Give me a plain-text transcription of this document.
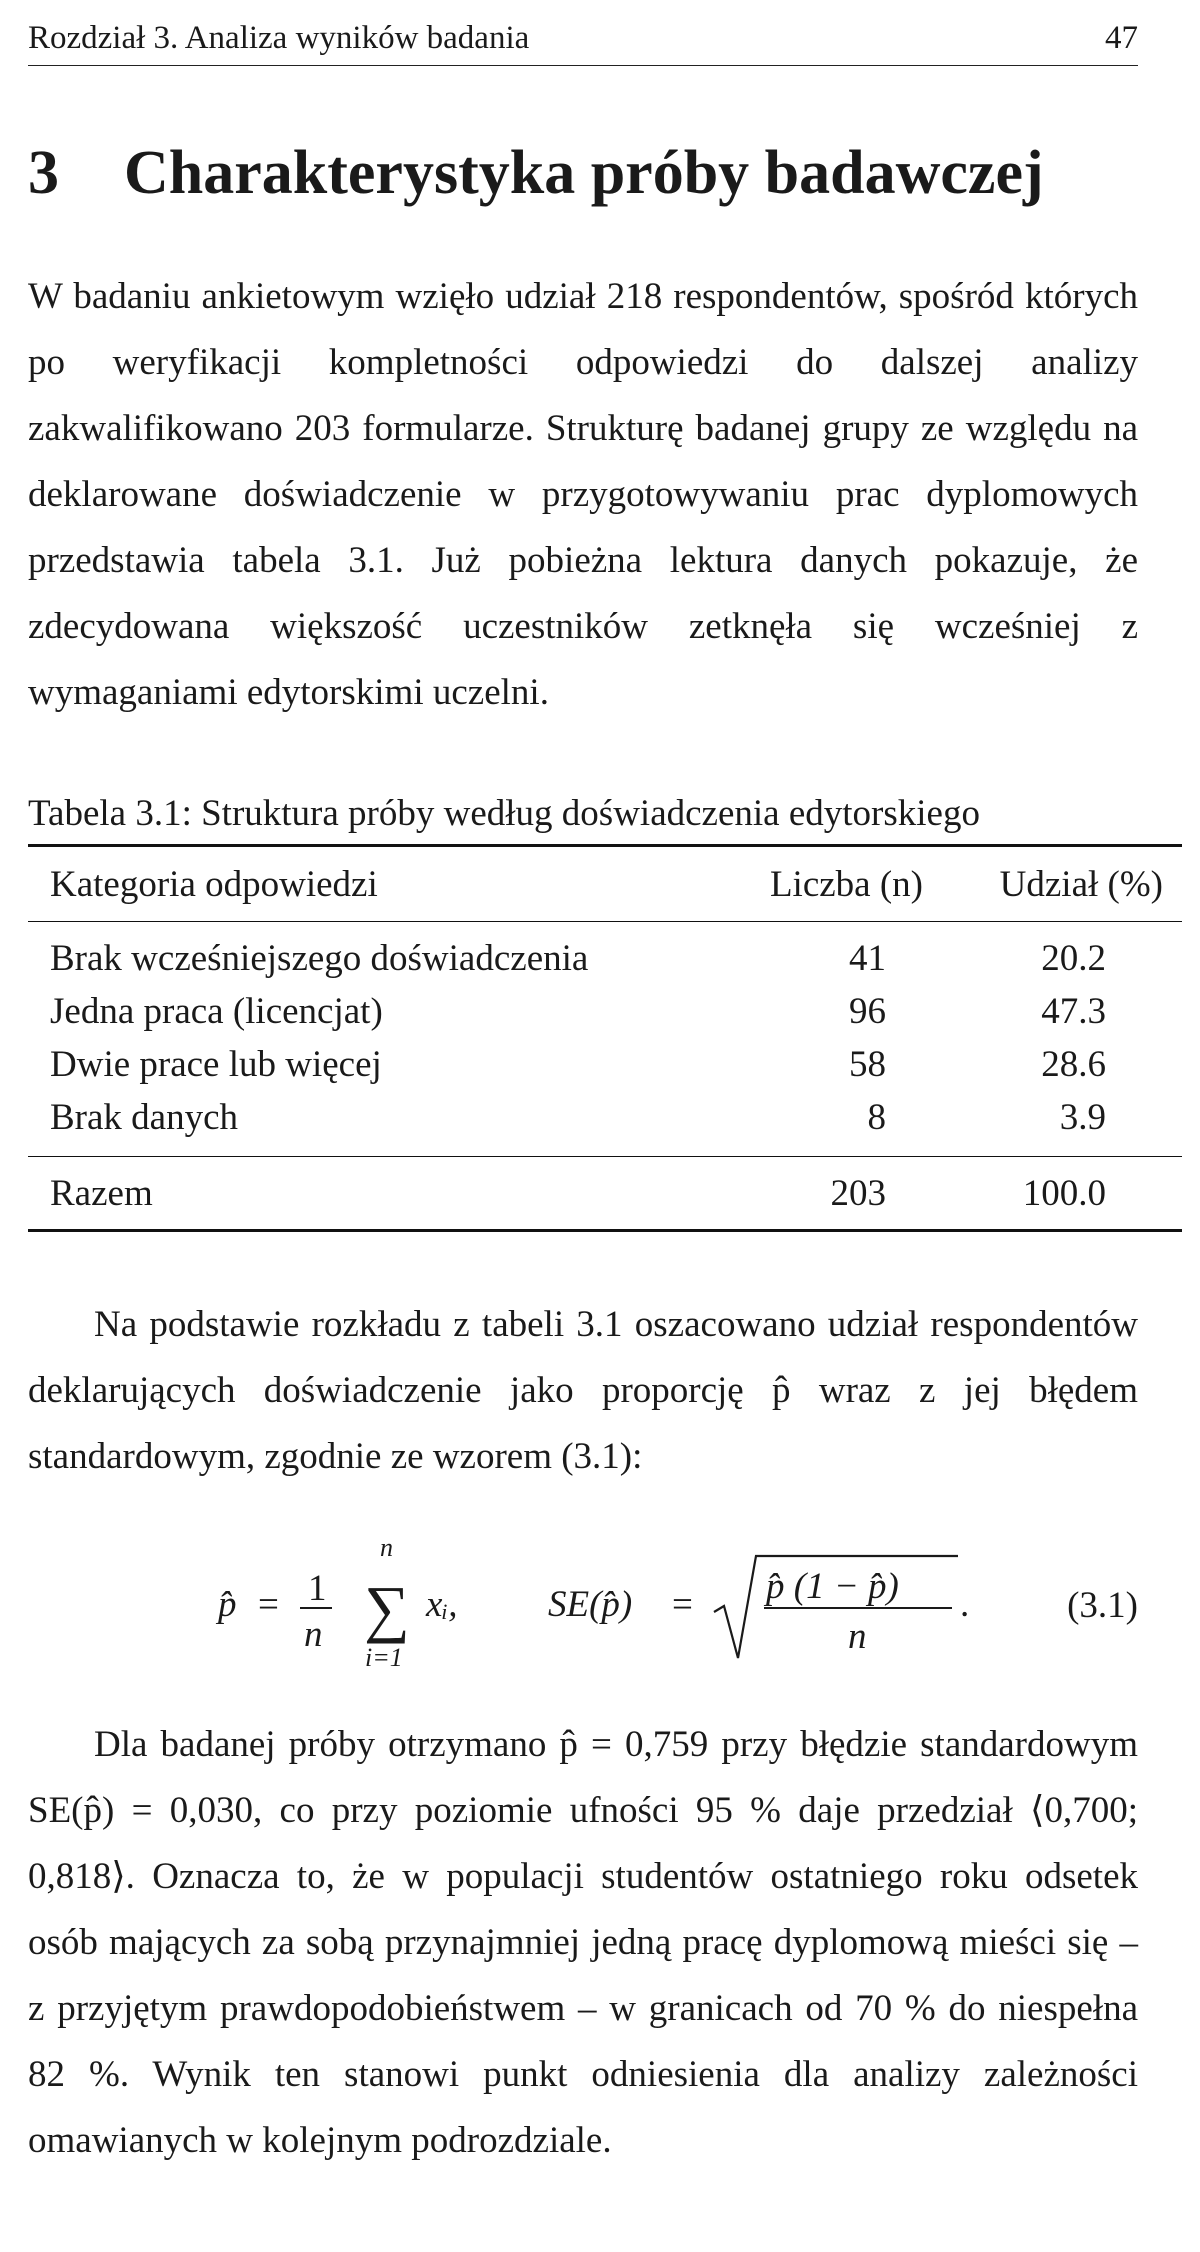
Rozdział 3. Analiza wyników badania	47
3 Charakterystyka próby badawczej
W badaniu ankietowym wzięło udział 218 respondentów, spośród których po weryfikacji kompletności odpowiedzi do dalszej analizy zakwalifikowano 203 formularze. Strukturę badanej grupy ze względu na deklarowane doświadczenie w przygotowywaniu prac dyplomowych przedstawia tabela 3.1. Już pobieżna lektura danych pokazuje, że zdecydowana większość uczestników zetknęła się wcześniej z wymaganiami edytorskimi uczelni.
Tabela 3.1: Struktura próby według doświadczenia edytorskiego
Kategoria odpowiedzi	Liczba (n)	Udział (%)
Brak wcześniejszego doświadczenia	41	20.2
Jedna praca (licencjat)	96	47.3
Dwie prace lub więcej	58	28.6
Brak danych	8	3.9
Razem	203	100.0
Na podstawie rozkładu z tabeli 3.1 oszacowano udział respondentów deklarujących doświadczenie jako proporcję p̂ wraz z jej błędem standardowym, zgodnie ze wzorem (3.1):
p̂ = 1
n
n
∑
i=1
xᵢ, SE(p̂) = p̂ (1 − p̂)
n
.	(3.1)
Dla badanej próby otrzymano p̂ = 0,759 przy błędzie standardowym SE(p̂) = 0,030, co przy poziomie ufności 95 % daje przedział ⟨0,700; 0,818⟩. Oznacza to, że w populacji studentów ostatniego roku odsetek osób mających za sobą przynajmniej jedną pracę dyplomową mieści się – z przyjętym prawdopodobieństwem – w granicach od 70 % do niespełna 82 %. Wynik ten stanowi punkt odniesienia dla analizy zależności omawianych w kolejnym podrozdziale.
